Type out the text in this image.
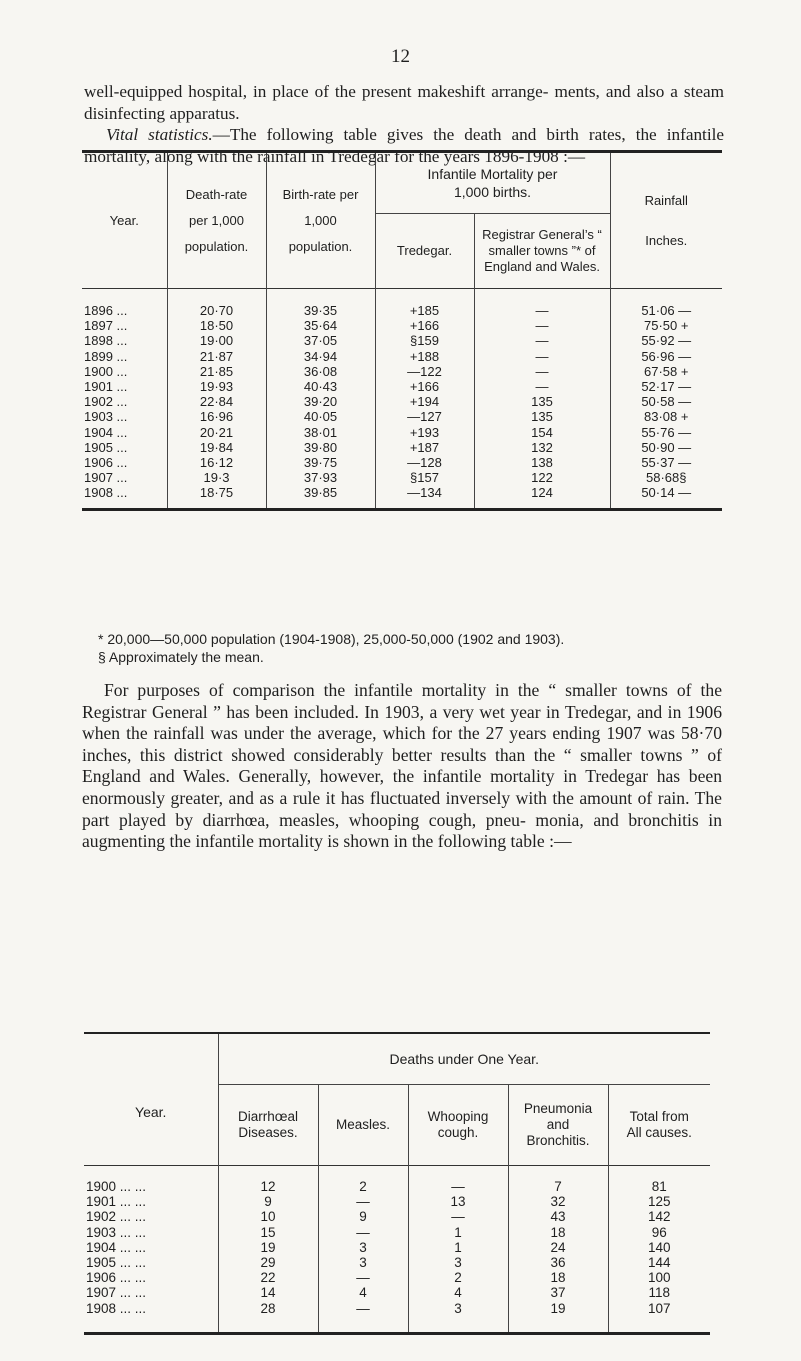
12

well-equipped hospital, in place of the present makeshift arrange- ments, and also a steam disinfecting apparatus.
Vital statistics.—The following table gives the death and birth rates, the infantile mortality, along with the rainfall in Tredegar for the years 1896-1908 :—

Year.	Death-rate per 1,000 population.	Birth-rate per 1,000 population.	Infantile Mortality per 1,000 births.		Rainfall Inches.
			Tredegar.	Registrar General’s “ smaller towns ”* of England and Wales.	
1896 ...	20·70	39·35	+185	—	51·06 —
1897 ...	18·50	35·64	+166	—	75·50 +
1898 ...	19·00	37·05	§159	—	55·92 —
1899 ...	21·87	34·94	+188	—	56·96 —
1900 ...	21·85	36·08	—122	—	67·58 +
1901 ...	19·93	40·43	+166	—	52·17 —
1902 ...	22·84	39·20	+194	135	50·58 —
1903 ...	16·96	40·05	—127	135	83·08 +
1904 ...	20·21	38·01	+193	154	55·76 —
1905 ...	19·84	39·80	+187	132	50·90 —
1906 ...	16·12	39·75	—128	138	55·37 —
1907 ...	19·3	37·93	§157	122	58·68§
1908 ...	18·75	39·85	—134	124	50·14 —
* 20,000—50,000 population (1904-1908), 25,000-50,000 (1902 and 1903).
§ Approximately the mean.

For purposes of comparison the infantile mortality in the “ smaller towns of the Registrar General ” has been included. In 1903, a very wet year in Tredegar, and in 1906 when the rainfall was under the average, which for the 27 years ending 1907 was 58·70 inches, this district showed considerably better results than the “ smaller towns ” of England and Wales. Generally, however, the infantile mortality in Tredegar has been enormously greater, and as a rule it has fluctuated inversely with the amount of rain. The part played by diarrhœa, measles, whooping cough, pneu- monia, and bronchitis in augmenting the infantile mortality is shown in the following table :—

Year.	Deaths under One Year.				
	Diarrhœal Diseases.	Measles.	Whooping cough.	Pneumonia and Bronchitis.	Total from All causes.
1900 ... ...	12	2	—	7	81
1901 ... ...	9	—	13	32	125
1902 ... ...	10	9	—	43	142
1903 ... ...	15	—	1	18	96
1904 ... ...	19	3	1	24	140
1905 ... ...	29	3	3	36	144
1906 ... ...	22	—	2	18	100
1907 ... ...	14	4	4	37	118
1908 ... ...	28	—	3	19	107
